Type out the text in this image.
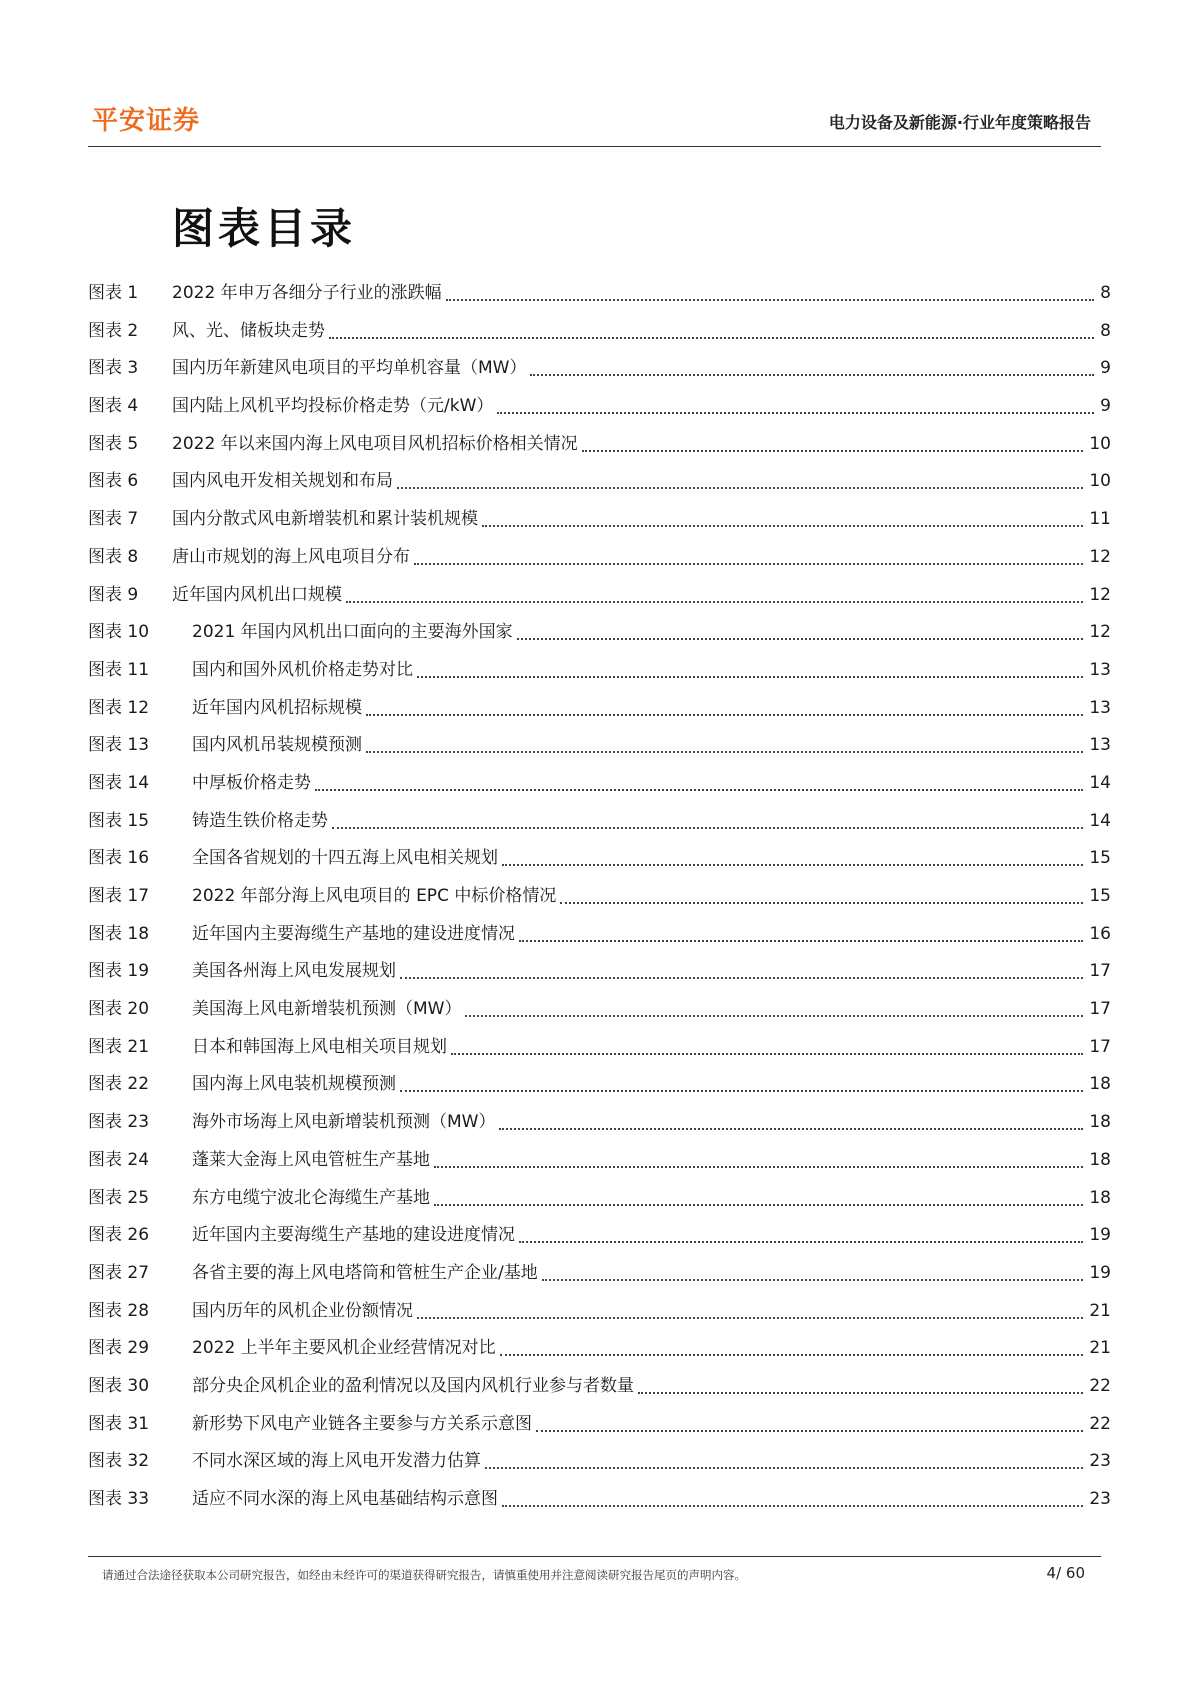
平安证券	电力设备及新能源·行业年度策略报告
图表目录
图表 1	2022 年申万各细分子行业的涨跌幅	8
图表 2	风、光、储板块走势	8
图表 3	国内历年新建风电项目的平均单机容量（MW）	9
图表 4	国内陆上风机平均投标价格走势（元/kW）	9
图表 5	2022 年以来国内海上风电项目风机招标价格相关情况	10
图表 6	国内风电开发相关规划和布局	10
图表 7	国内分散式风电新增装机和累计装机规模	11
图表 8	唐山市规划的海上风电项目分布	12
图表 9	近年国内风机出口规模	12
图表 10	2021 年国内风机出口面向的主要海外国家	12
图表 11	国内和国外风机价格走势对比	13
图表 12	近年国内风机招标规模	13
图表 13	国内风机吊装规模预测	13
图表 14	中厚板价格走势	14
图表 15	铸造生铁价格走势	14
图表 16	全国各省规划的十四五海上风电相关规划	15
图表 17	2022 年部分海上风电项目的 EPC 中标价格情况	15
图表 18	近年国内主要海缆生产基地的建设进度情况	16
图表 19	美国各州海上风电发展规划	17
图表 20	美国海上风电新增装机预测（MW）	17
图表 21	日本和韩国海上风电相关项目规划	17
图表 22	国内海上风电装机规模预测	18
图表 23	海外市场海上风电新增装机预测（MW）	18
图表 24	蓬莱大金海上风电管桩生产基地	18
图表 25	东方电缆宁波北仑海缆生产基地	18
图表 26	近年国内主要海缆生产基地的建设进度情况	19
图表 27	各省主要的海上风电塔筒和管桩生产企业/基地	19
图表 28	国内历年的风机企业份额情况	21
图表 29	2022 上半年主要风机企业经营情况对比	21
图表 30	部分央企风机企业的盈利情况以及国内风机行业参与者数量	22
图表 31	新形势下风电产业链各主要参与方关系示意图	22
图表 32	不同水深区域的海上风电开发潜力估算	23
图表 33	适应不同水深的海上风电基础结构示意图	23
请通过合法途径获取本公司研究报告，如经由未经许可的渠道获得研究报告，请慎重使用并注意阅读研究报告尾页的声明内容。	4/ 60
